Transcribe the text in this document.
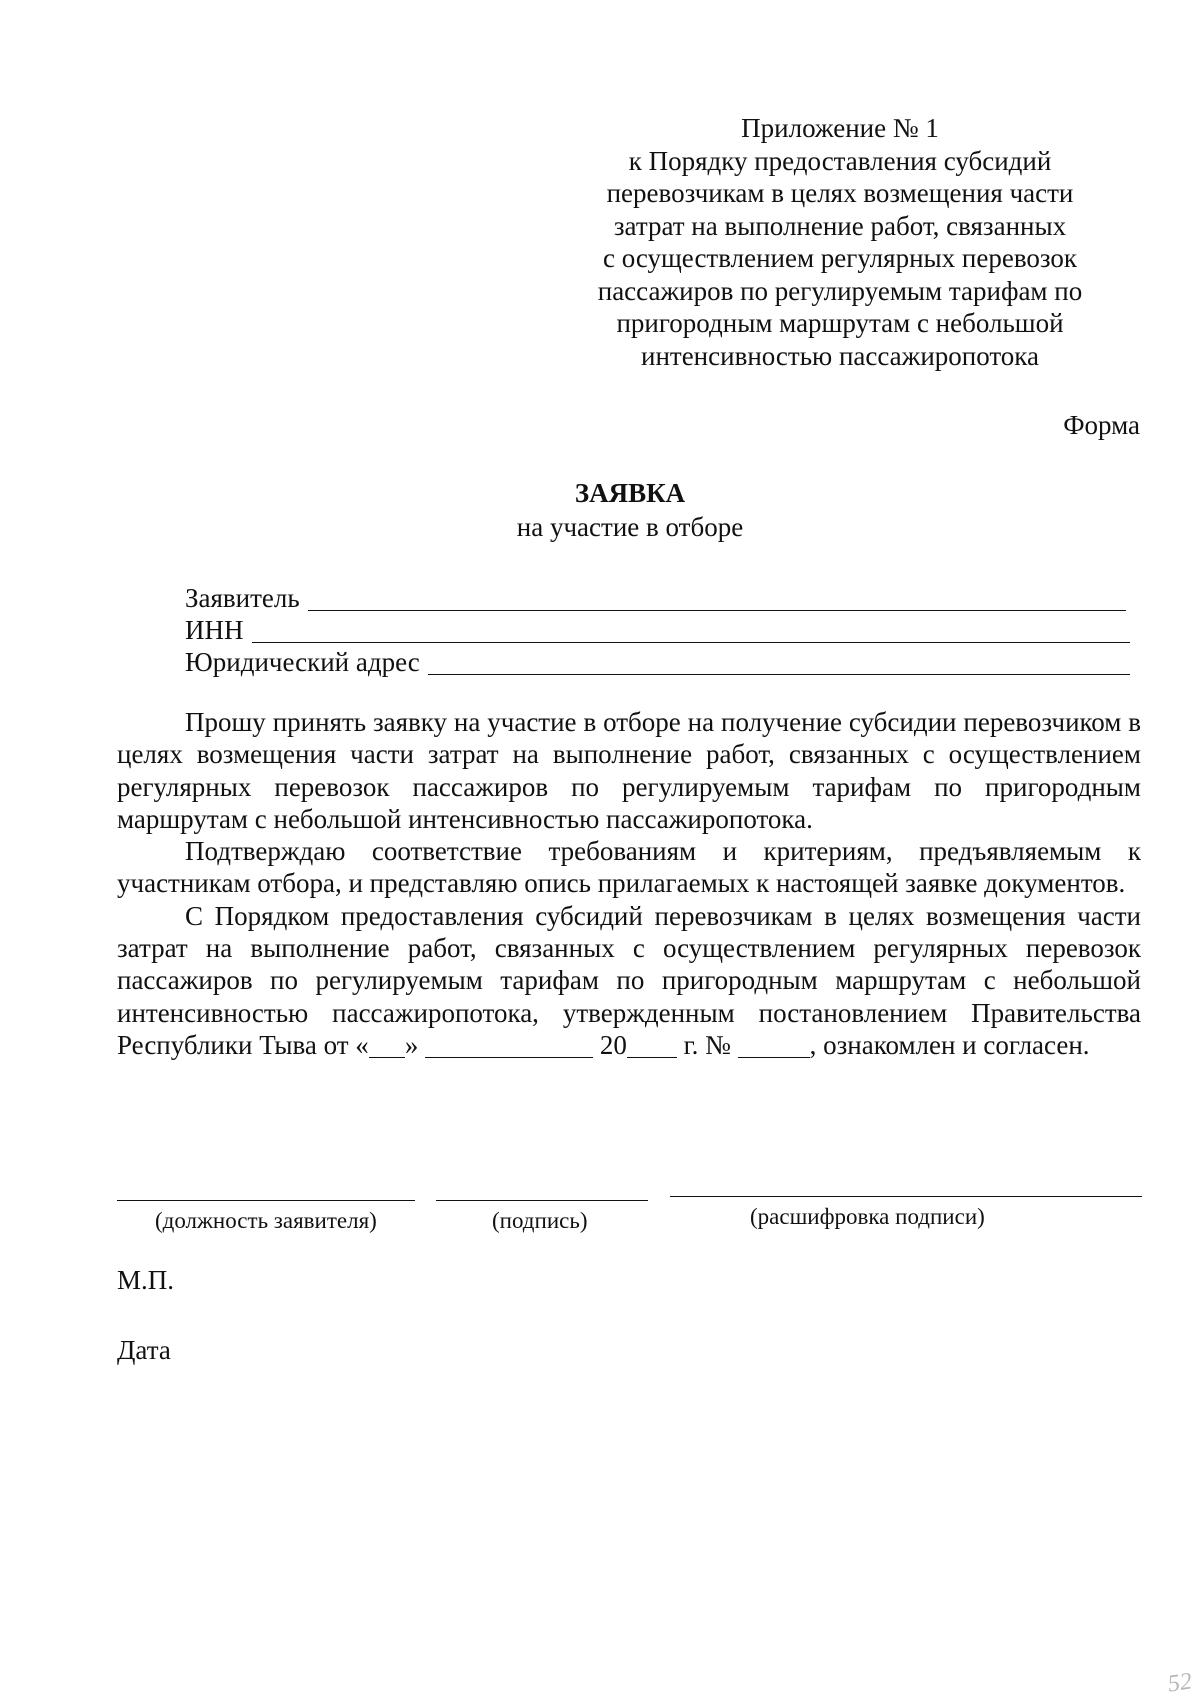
Приложение № 1
к Порядку предоставления субсидий
перевозчикам в целях возмещения части
затрат на выполнение работ, связанных
с осуществлением регулярных перевозок
пассажиров по регулируемым тарифам по
пригородным маршрутам с небольшой
интенсивностью пассажиропотока
Форма
ЗАЯВКА
на участие в отборе
Заявитель
ИНН
Юридический адрес

Прошу принять заявку на участие в отборе на получение субсидии перевозчиком в целях возмещения части затрат на выполнение работ, связанных с осуществлением регулярных перевозок пассажиров по регулируемым тарифам по пригородным маршрутам с небольшой интенсивностью пассажиропотока.

Подтверждаю соответствие требованиям и критериям, предъявляемым к участникам отбора, и представляю опись прилагаемых к настоящей заявке документов.

С Порядком предоставления субсидий перевозчикам в целях возмещения части затрат на выполнение работ, связанных с осуществлением регулярных перевозок пассажиров по регулируемым тарифам по пригородным маршрутам с небольшой интенсивностью пассажиропотока, утвержденным постановлением Правительства Республики Тыва от « »	20 г. №	, ознакомлен и согласен.

(должность заявителя)	(подпись)	(расшифровка подписи)
М.П.
Дата
52
